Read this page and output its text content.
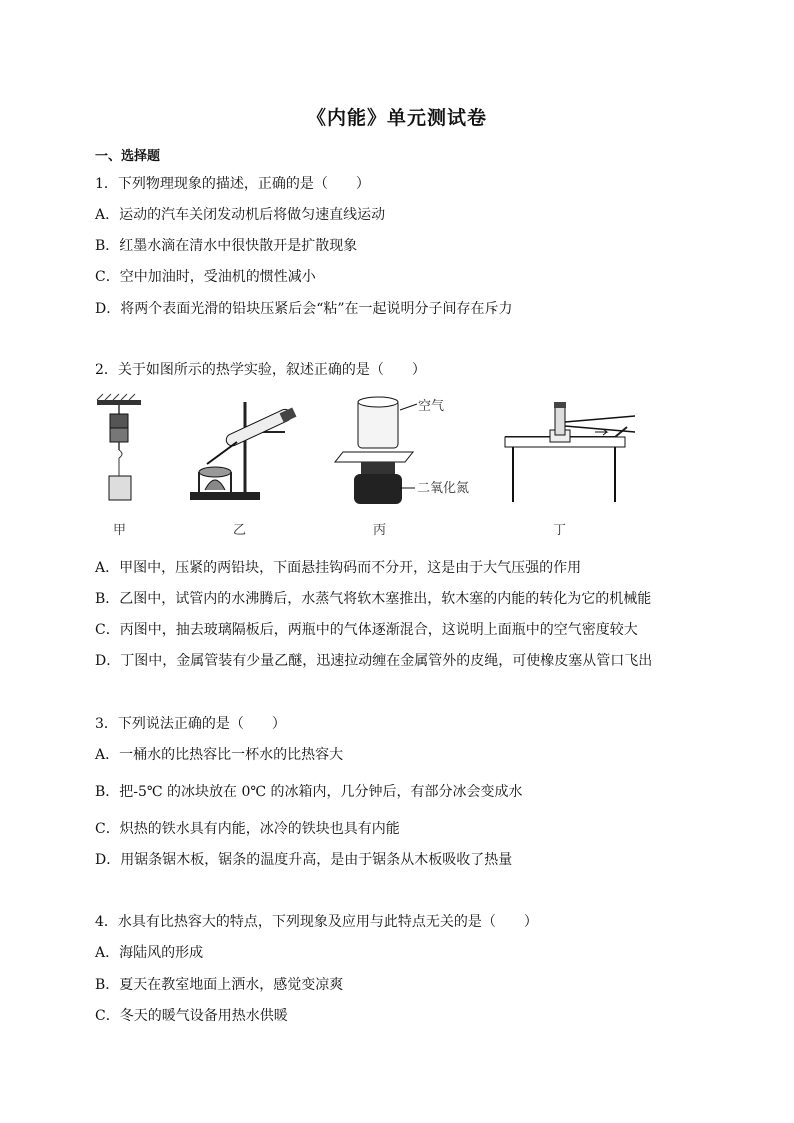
《内能》单元测试卷
一、选择题
1．下列物理现象的描述，正确的是（　　）
A．运动的汽车关闭发动机后将做匀速直线运动
B．红墨水滴在清水中很快散开是扩散现象
C．空中加油时，受油机的惯性减小
D．将两个表面光滑的铅块压紧后会“粘”在一起说明分子间存在斥力
2．关于如图所示的热学实验，叙述正确的是（　　）
甲	乙
空气
二氧化氮
丙	丁
A．甲图中，压紧的两铅块，下面悬挂钩码而不分开，这是由于大气压强的作用
B．乙图中，试管内的水沸腾后，水蒸气将软木塞推出，软木塞的内能的转化为它的机械能
C．丙图中，抽去玻璃隔板后，两瓶中的气体逐渐混合，这说明上面瓶中的空气密度较大
D．丁图中，金属管装有少量乙醚，迅速拉动缠在金属管外的皮绳，可使橡皮塞从管口飞出
3．下列说法正确的是（　　）
A．一桶水的比热容比一杯水的比热容大
B．把-5℃ 的冰块放在 0℃ 的冰箱内，几分钟后，有部分冰会变成水
C．炽热的铁水具有内能，冰冷的铁块也具有内能
D．用锯条锯木板，锯条的温度升高，是由于锯条从木板吸收了热量
4．水具有比热容大的特点，下列现象及应用与此特点无关的是（　　）
A．海陆风的形成
B．夏天在教室地面上洒水，感觉变凉爽
C．冬天的暖气设备用热水供暖
